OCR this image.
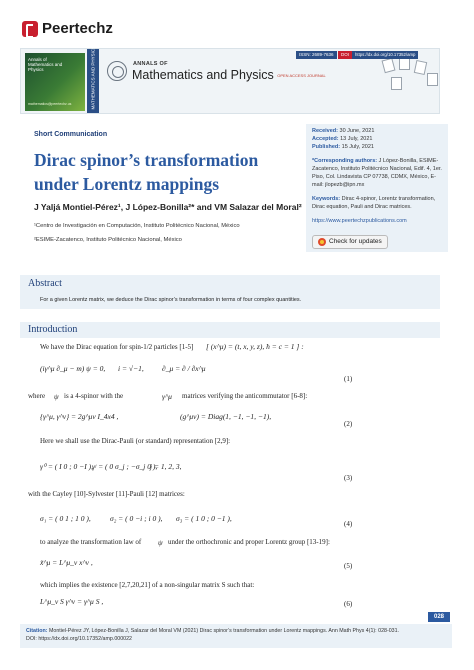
Peertechz
Annals of Mathematics and Physics
mathematics@peertechz.us	MATHEMATICS AND PHYSICS GROUP	ANNALS OF
Mathematics and Physics OPEN ACCESS JOURNAL
ISSN: 2689-7636	DOI	https://dx.doi.org/10.17352/amp
Short Communication
Dirac spinor’s transformation under Lorentz mappings
J Yaljá Montiel-Pérez¹, J López-Bonilla²* and VM Salazar del Moral²
¹Centro de Investigación en Computación, Instituto Politécnico Nacional, México
²ESIME-Zacatenco, Instituto Politécnico Nacional, México
Received: 30 June, 2021
Accepted: 13 July, 2021
Published: 15 July, 2021
*Corresponding authors: J López-Bonilla, ESIME-Zacatenco, Instituto Politécnico Nacional, Edif. 4, 1er. Piso, Col. Lindavista CP 07738, CDMX, México, E-mail: jlopezb@ipn.mx
Keywords: Dirac 4-spinor, Lorentz transformation, Dirac equation, Pauli and Dirac matrices.
https://www.peertechzpublications.com
Check for updates
Abstract
For a given Lorentz matrix, we deduce the Dirac spinor’s transformation in terms of four complex quantities.
Introduction
We have the Dirac equation for spin-1/2 particles [1-5] [ (x^μ) = (t, x, y, z), ħ = c = 1 ] :
(iγ^μ ∂_μ − m) ψ = 0, i = √−1, ∂_μ = ∂ / ∂x^μ
(1)
where ψ is a 4-spinor with the	γ^μ matrices verifying the anticommutator [6-8]:
{γ^μ, γ^ν} = 2g^μν I_4x4 ,	(g^μν) = Diag(1, −1, −1, −1),
(2)
Here we shall use the Dirac-Pauli (or standard) representation [2,9]:
γ⁰ = ( I 0 ; 0 −I ), γʲ = ( 0 σ_j ; −σ_j 0 ),
j = 1, 2, 3,
(3)
with the Cayley [10]-Sylvester [11]-Pauli [12] matrices:
σ₁ = ( 0 1 ; 1 0 ),	σ₂ = ( 0 −i ; i 0 ), σ₃ = ( 1 0 ; 0 −1 ),
(4)
to analyze the transformation law of ψ under the orthochronic and proper Lorentz group [13-19]:
x̃^μ = L^μ_ν x^ν ,	(5)
which implies the existence [2,7,20,21] of a non-singular matrix S such that:
L^μ_ν S γ^ν = γ^μ S ,	(6)
028
Citation: Montiel-Pérez JY, López-Bonilla J, Salazar del Moral VM (2021) Dirac spinor’s transformation under Lorentz mappings. Ann Math Phys 4(1): 028-031.
DOI: https://dx.doi.org/10.17352/amp.000022
